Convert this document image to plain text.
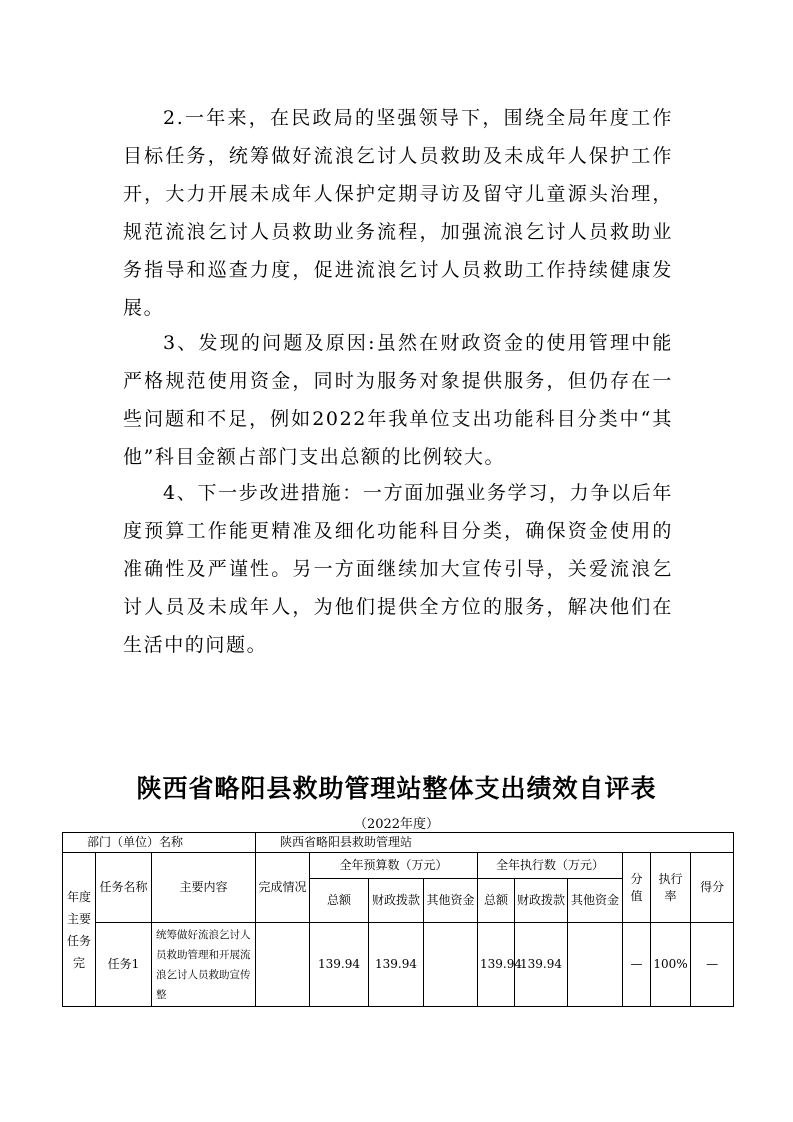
2.一年来，在民政局的坚强领导下，围绕全局年度工作目标任务，统筹做好流浪乞讨人员救助及未成年人保护工作开，大力开展未成年人保护定期寻访及留守儿童源头治理，规范流浪乞讨人员救助业务流程，加强流浪乞讨人员救助业务指导和巡查力度，促进流浪乞讨人员救助工作持续健康发展。

3、发现的问题及原因:虽然在财政资金的使用管理中能严格规范使用资金，同时为服务对象提供服务，但仍存在一些问题和不足，例如2022年我单位支出功能科目分类中“其他”科目金额占部门支出总额的比例较大。

4、下一步改进措施：一方面加强业务学习，力争以后年度预算工作能更精准及细化功能科目分类，确保资金使用的准确性及严谨性。另一方面继续加大宣传引导，关爱流浪乞讨人员及未成年人，为他们提供全方位的服务，解决他们在生活中的问题。

陕西省略阳县救助管理站整体支出绩效自评表

（2022年度）

部门（单位）名称			陕西省略阳县救助管理站									
年度主要任务完	任务名称	主要内容	完成情况	全年预算数（万元）			全年执行数（万元）			分值	执行率	得分
				总额	财政拨款	其他资金	总额	财政拨款	其他资金			
	任务1	统筹做好流浪乞讨人员救助管理和开展流浪乞讨人员救助宣传整		139.94	139.94		139.94	139.94		—	100%	—
